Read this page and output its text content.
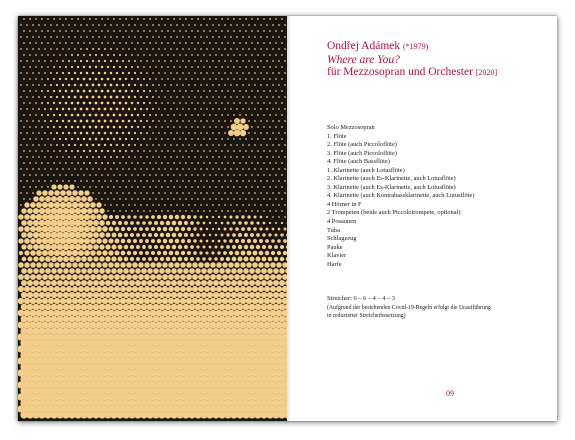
Ondřej Adámek (*1979)
Where are You?
für Mezzosopran und Orchester [2020]
Solo Mezzosopran
1. Flöte
2. Flöte (auch Piccoloflöte)
3. Flöte (auch Piccoloflöte)
4. Flöte (auch Bassflöte)
1. Klarinette (auch Lotusflöte)
2. Klarinette (auch Es-Klarinette, auch Lotusflöte)
3. Klarinette (auch Es-Klarinette, auch Lotusflöte)
4. Klarinette (auch Kontrabassklarinette, auch Lotusflöte)
4 Hörner in F
2 Trompeten (beide auch Piccolotrompete, optional)
4 Posaunen
Tuba
Schlagzeug
Pauke
Klavier
Harfe
Streicher: 6 – 6 – 4 – 4 – 3
(Aufgrund der bestehenden Covid-19-Regeln erfolgt die Uraufführung
in reduzierter Streicherbesetzung)
09
